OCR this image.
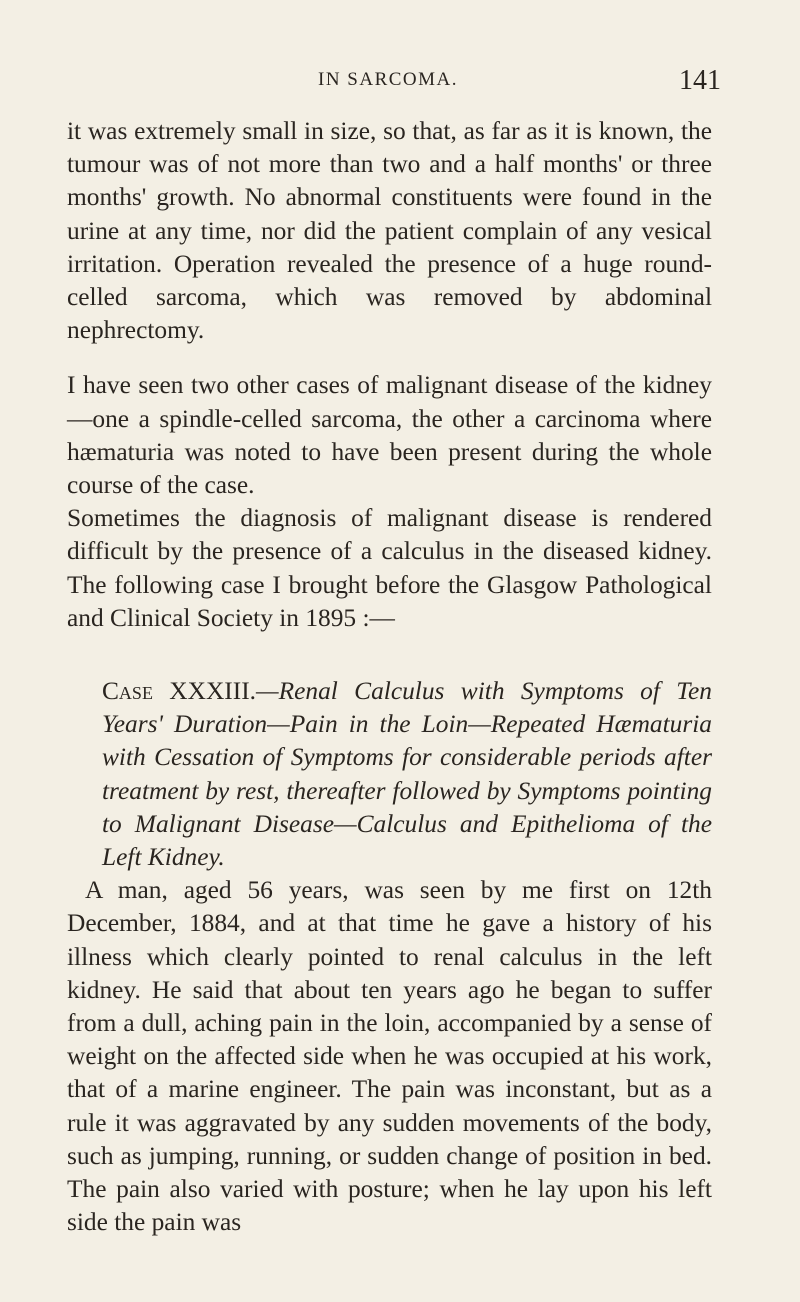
IN SARCOMA.	141

it was extremely small in size, so that, as far as it is known, the tumour was of not more than two and a half months' or three months' growth. No abnormal constituents were found in the urine at any time, nor did the patient complain of any vesical irritation. Operation revealed the presence of a huge round-celled sarcoma, which was removed by abdominal nephrectomy.

I have seen two other cases of malignant disease of the kidney—one a spindle-celled sarcoma, the other a carcinoma where hæmaturia was noted to have been present during the whole course of the case.

Sometimes the diagnosis of malignant disease is rendered difficult by the presence of a calculus in the diseased kidney. The following case I brought before the Glasgow Pathological and Clinical Society in 1895 :—

Case XXXIII.—Renal Calculus with Symptoms of Ten Years' Duration—Pain in the Loin—Repeated Hæmaturia with Cessation of Symptoms for considerable periods after treatment by rest, thereafter followed by Symptoms pointing to Malignant Disease—Calculus and Epithelioma of the Left Kidney.

A man, aged 56 years, was seen by me first on 12th December, 1884, and at that time he gave a history of his illness which clearly pointed to renal calculus in the left kidney. He said that about ten years ago he began to suffer from a dull, aching pain in the loin, accompanied by a sense of weight on the affected side when he was occupied at his work, that of a marine engineer. The pain was inconstant, but as a rule it was aggravated by any sudden movements of the body, such as jumping, running, or sudden change of position in bed. The pain also varied with posture; when he lay upon his left side the pain was
